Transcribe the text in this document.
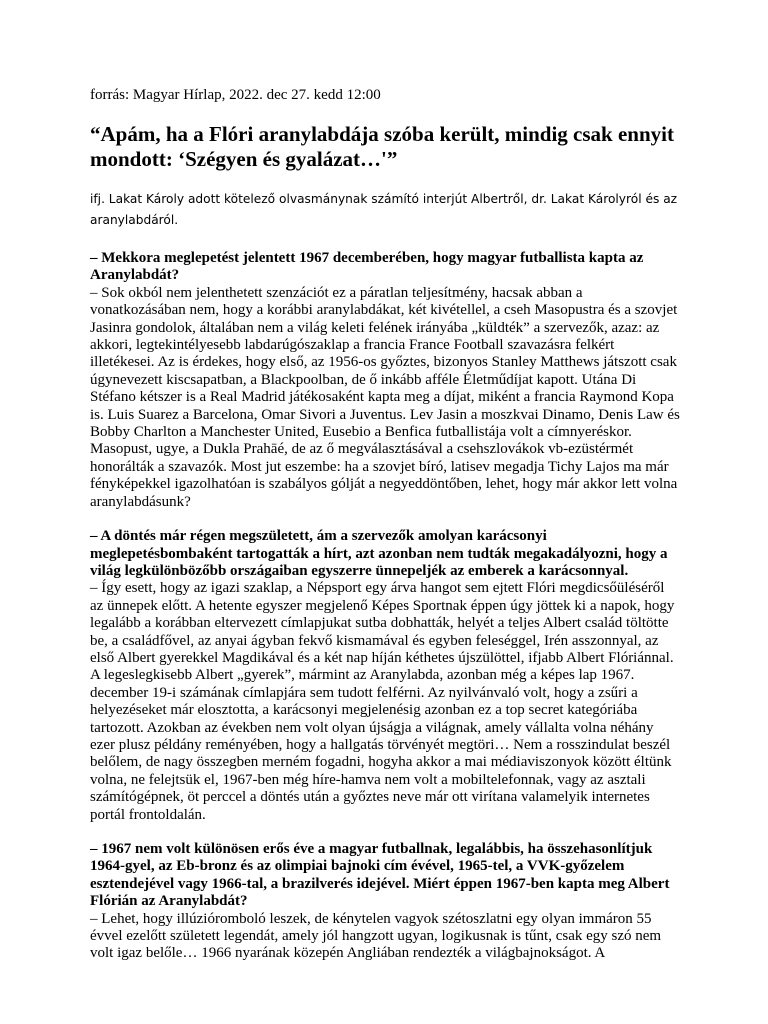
forrás: Magyar Hírlap, 2022. dec 27. kedd 12:00

“Apám, ha a Flóri aranylabdája szóba került, mindig csak ennyit mondott: ‘Szégyen és gyalázat…'”

ifj. Lakat Károly adott kötelező olvasmánynak számító interjút Albertről, dr. Lakat Károlyról és az aranylabdáról.

– Mekkora meglepetést jelentett 1967 decemberében, hogy magyar futballista kapta az Aranylabdát?

– Sok okból nem jelenthetett szenzációt ez a páratlan teljesítmény, hacsak abban a vonatkozásában nem, hogy a korábbi aranylabdákat, két kivétellel, a cseh Masopustra és a szovjet Jasinra gondolok, általában nem a világ keleti felének irányába „küldték” a szervezők, azaz: az akkori, legtekintélyesebb labdarúgószaklap a francia France Football szavazásra felkért illetékesei. Az is érdekes, hogy első, az 1956-os győztes, bizonyos Stanley Matthews játszott csak úgynevezett kiscsapatban, a Blackpoolban, de ő inkább afféle Életműdíjat kapott. Utána Di Stéfano kétszer is a Real Madrid játékosaként kapta meg a díjat, miként a francia Raymond Kopa is. Luis Suarez a Barcelona, Omar Sivori a Juventus. Lev Jasin a moszkvai Dinamo, Denis Law és Bobby Charlton a Manchester United, Eusebio a Benfica futballistája volt a címnyeréskor. Masopust, ugye, a Dukla Prahāé, de az ő megválasztásával a csehszlovákok vb-ezüstérmét honorálták a szavazók. Most jut eszembe: ha a szovjet bíró, latisev megadja Tichy Lajos ma már fényképekkel igazolhatóan is szabályos gólját a negyeddöntőben, lehet, hogy már akkor lett volna aranylabdásunk?

– A döntés már régen megszületett, ám a szervezők amolyan karácsonyi meglepetésbombaként tartogatták a hírt, azt azonban nem tudták megakadályozni, hogy a világ legkülönbözőbb országaiban egyszerre ünnepeljék az emberek a karácsonnyal.

– Így esett, hogy az igazi szaklap, a Népsport egy árva hangot sem ejtett Flóri megdicsőüléséről az ünnepek előtt. A hetente egyszer megjelenő Képes Sportnak éppen úgy jöttek ki a napok, hogy legalább a korábban eltervezett címlapjukat sutba dobhatták, helyét a teljes Albert család töltötte be, a családfővel, az anyai ágyban fekvő kismamával és egyben feleséggel, Irén asszonnyal, az első Albert gyerekkel Magdikával és a két nap híján kéthetes újszülöttel, ifjabb Albert Flóriánnal. A legeslegkisebb Albert „gyerek”, mármint az Aranylabda, azonban még a képes lap 1967. december 19-i számának címlapjára sem tudott felférni. Az nyilvánvaló volt, hogy a zsűri a helyezéseket már elosztotta, a karácsonyi megjelenésig azonban ez a top secret kategóriába tartozott. Azokban az években nem volt olyan újságja a világnak, amely vállalta volna néhány ezer plusz példány reményében, hogy a hallgatás törvényét megtöri… Nem a rosszindulat beszél belőlem, de nagy összegben merném fogadni, hogyha akkor a mai médiaviszonyok között éltünk volna, ne felejtsük el, 1967-ben még híre-hamva nem volt a mobiltelefonnak, vagy az asztali számítógépnek, öt perccel a döntés után a győztes neve már ott virítana valamelyik internetes portál frontoldalán.

– 1967 nem volt különösen erős éve a magyar futballnak, legalábbis, ha összehasonlítjuk 1964-gyel, az Eb-bronz és az olimpiai bajnoki cím évével, 1965-tel, a VVK-győzelem esztendejével vagy 1966-tal, a brazilverés idejével. Miért éppen 1967-ben kapta meg Albert Flórián az Aranylabdát?

– Lehet, hogy illúzióromboló leszek, de kénytelen vagyok szétoszlatni egy olyan immáron 55 évvel ezelőtt született legendát, amely jól hangzott ugyan, logikusnak is tűnt, csak egy szó nem volt igaz belőle… 1966 nyarának közepén Angliában rendezték a világbajnokságot. A
